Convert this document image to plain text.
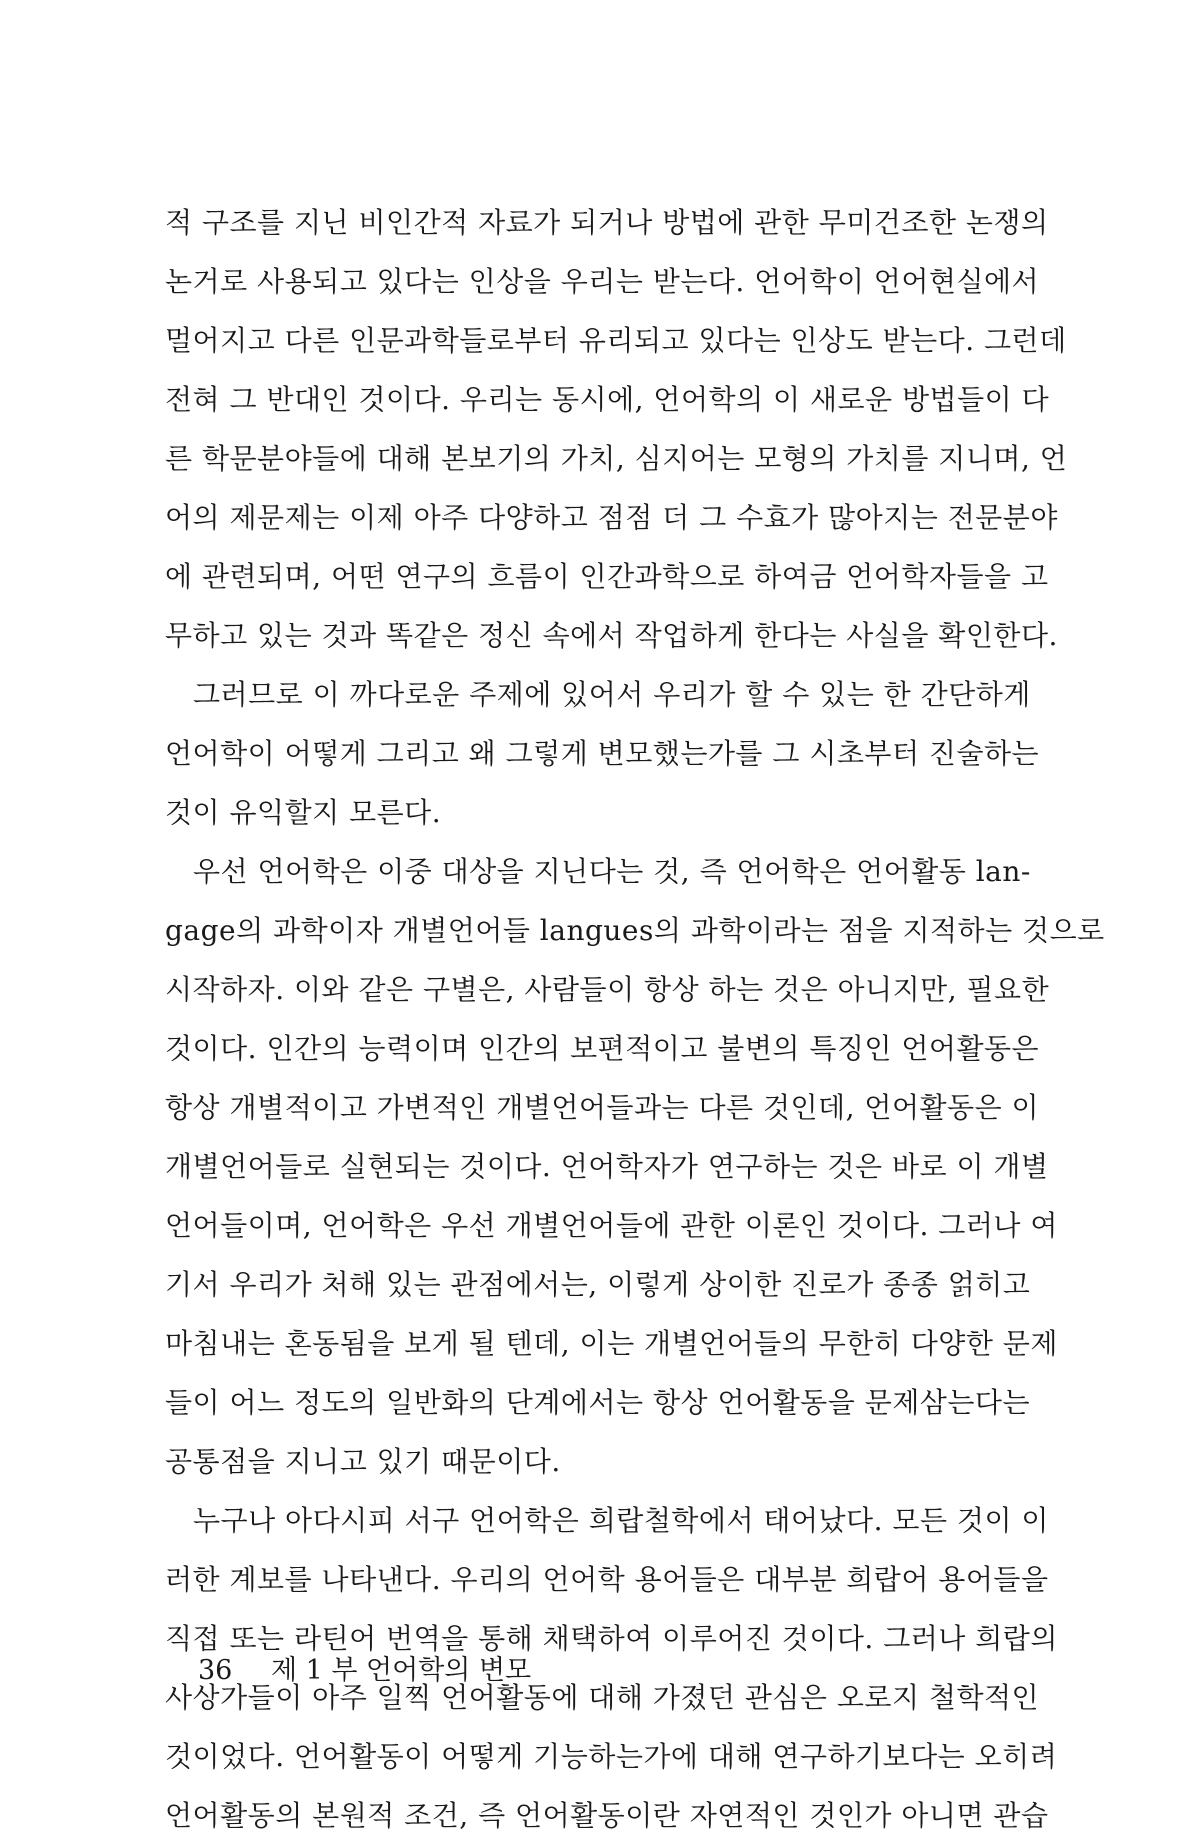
적 구조를 지닌 비인간적 자료가 되거나 방법에 관한 무미건조한 논쟁의
논거로 사용되고 있다는 인상을 우리는 받는다. 언어학이 언어현실에서
멀어지고 다른 인문과학들로부터 유리되고 있다는 인상도 받는다. 그런데
전혀 그 반대인 것이다. 우리는 동시에, 언어학의 이 새로운 방법들이 다
른 학문분야들에 대해 본보기의 가치, 심지어는 모형의 가치를 지니며, 언
어의 제문제는 이제 아주 다양하고 점점 더 그 수효가 많아지는 전문분야
에 관련되며, 어떤 연구의 흐름이 인간과학으로 하여금 언어학자들을 고
무하고 있는 것과 똑같은 정신 속에서 작업하게 한다는 사실을 확인한다.
그러므로 이 까다로운 주제에 있어서 우리가 할 수 있는 한 간단하게
언어학이 어떻게 그리고 왜 그렇게 변모했는가를 그 시초부터 진술하는
것이 유익할지 모른다.
우선 언어학은 이중 대상을 지닌다는 것, 즉 언어학은 언어활동 lan-
gage의 과학이자 개별언어들 langues의 과학이라는 점을 지적하는 것으로
시작하자. 이와 같은 구별은, 사람들이 항상 하는 것은 아니지만, 필요한
것이다. 인간의 능력이며 인간의 보편적이고 불변의 특징인 언어활동은
항상 개별적이고 가변적인 개별언어들과는 다른 것인데, 언어활동은 이
개별언어들로 실현되는 것이다. 언어학자가 연구하는 것은 바로 이 개별
언어들이며, 언어학은 우선 개별언어들에 관한 이론인 것이다. 그러나 여
기서 우리가 처해 있는 관점에서는, 이렇게 상이한 진로가 종종 얽히고
마침내는 혼동됨을 보게 될 텐데, 이는 개별언어들의 무한히 다양한 문제
들이 어느 정도의 일반화의 단계에서는 항상 언어활동을 문제삼는다는
공통점을 지니고 있기 때문이다.
누구나 아다시피 서구 언어학은 희랍철학에서 태어났다. 모든 것이 이
러한 계보를 나타낸다. 우리의 언어학 용어들은 대부분 희랍어 용어들을
직접 또는 라틴어 번역을 통해 채택하여 이루어진 것이다. 그러나 희랍의
사상가들이 아주 일찍 언어활동에 대해 가졌던 관심은 오로지 철학적인
것이었다. 언어활동이 어떻게 기능하는가에 대해 연구하기보다는 오히려
언어활동의 본원적 조건, 즉 언어활동이란 자연적인 것인가 아니면 관습
36 제 1 부 언어학의 변모
